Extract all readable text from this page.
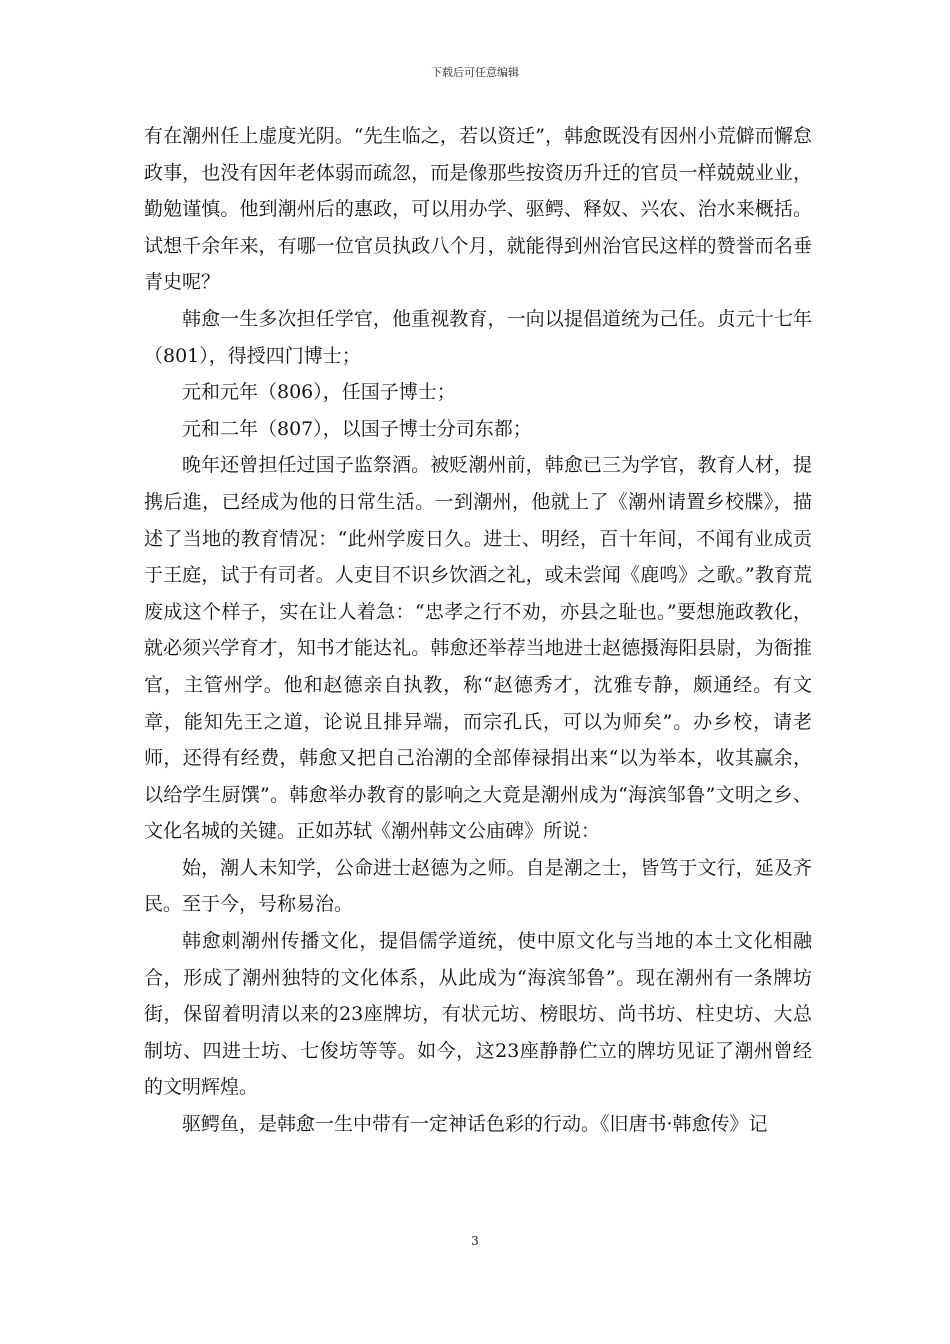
下载后可任意编辑

有在潮州任上虚度光阴。“先生临之，若以资迁”，韩愈既没有因州小荒僻而懈怠政事，也没有因年老体弱而疏忽，而是像那些按资历升迁的官员一样兢兢业业，勤勉谨慎。他到潮州后的惠政，可以用办学、驱鳄、释奴、兴农、治水来概括。试想千余年来，有哪一位官员执政八个月，就能得到州治官民这样的赞誉而名垂青史呢？

韩愈一生多次担任学官，他重视教育，一向以提倡道统为己任。贞元十七年（801），得授四门博士；

元和元年（806），任国子博士；

元和二年（807），以国子博士分司东都；

晚年还曾担任过国子监祭酒。被贬潮州前，韩愈已三为学官，教育人材，提携后進，已经成为他的日常生活。一到潮州，他就上了《潮州请置乡校牒》，描述了当地的教育情况：“此州学废日久。进士、明经，百十年间，不闻有业成贡于王庭，试于有司者。人吏目不识乡饮酒之礼，或未尝闻《鹿鸣》之歌。”教育荒废成这个样子，实在让人着急：“忠孝之行不劝，亦县之耻也。”要想施政教化，就必须兴学育才，知书才能达礼。韩愈还举荐当地进士赵德摄海阳县尉，为衙推官，主管州学。他和赵德亲自执教，称“赵德秀才，沈雅专静，颇通经。有文章，能知先王之道，论说且排异端，而宗孔氏，可以为师矣”。办乡校，请老师，还得有经费，韩愈又把自己治潮的全部俸禄捐出来“以为举本，收其赢余，以给学生厨馔”。韩愈举办教育的影响之大竟是潮州成为“海滨邹鲁”文明之乡、文化名城的关键。正如苏轼《潮州韩文公庙碑》所说：

始，潮人未知学，公命进士赵德为之师。自是潮之士，皆笃于文行，延及齐民。至于今，号称易治。

韩愈刺潮州传播文化，提倡儒学道统，使中原文化与当地的本土文化相融合，形成了潮州独特的文化体系，从此成为“海滨邹鲁”。现在潮州有一条牌坊街，保留着明清以来的23座牌坊，有状元坊、榜眼坊、尚书坊、柱史坊、大总制坊、四进士坊、七俊坊等等。如今，这23座静静伫立的牌坊见证了潮州曾经的文明辉煌。

驱鳄鱼，是韩愈一生中带有一定神话色彩的行动。《旧唐书·韩愈传》记

3
